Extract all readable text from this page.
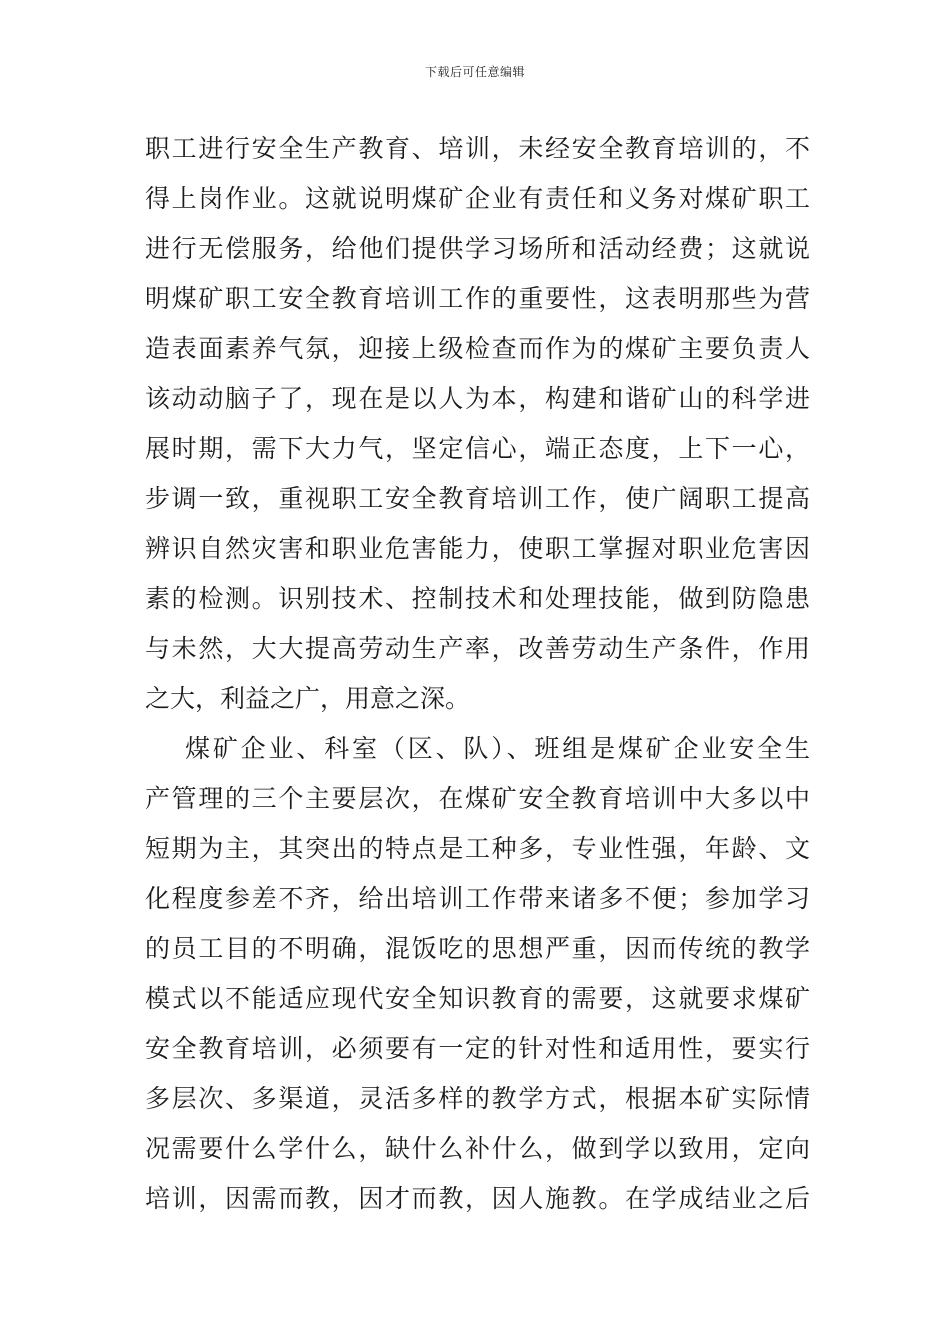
下载后可任意编辑
职工进行安全生产教育、培训，未经安全教育培训的，不
得上岗作业。这就说明煤矿企业有责任和义务对煤矿职工
进行无偿服务，给他们提供学习场所和活动经费；这就说
明煤矿职工安全教育培训工作的重要性，这表明那些为营
造表面素养气氛，迎接上级检查而作为的煤矿主要负责人
该动动脑子了，现在是以人为本，构建和谐矿山的科学进
展时期，需下大力气，坚定信心，端正态度，上下一心，
步调一致，重视职工安全教育培训工作，使广阔职工提高
辨识自然灾害和职业危害能力，使职工掌握对职业危害因
素的检测。识别技术、控制技术和处理技能，做到防隐患
与未然，大大提高劳动生产率，改善劳动生产条件，作用
之大，利益之广，用意之深。
煤矿企业、科室（区、队）、班组是煤矿企业安全生
产管理的三个主要层次，在煤矿安全教育培训中大多以中
短期为主，其突出的特点是工种多，专业性强，年龄、文
化程度参差不齐，给出培训工作带来诸多不便；参加学习
的员工目的不明确，混饭吃的思想严重，因而传统的教学
模式以不能适应现代安全知识教育的需要，这就要求煤矿
安全教育培训，必须要有一定的针对性和适用性，要实行
多层次、多渠道，灵活多样的教学方式，根据本矿实际情
况需要什么学什么，缺什么补什么，做到学以致用，定向
培训，因需而教，因才而教，因人施教。在学成结业之后
